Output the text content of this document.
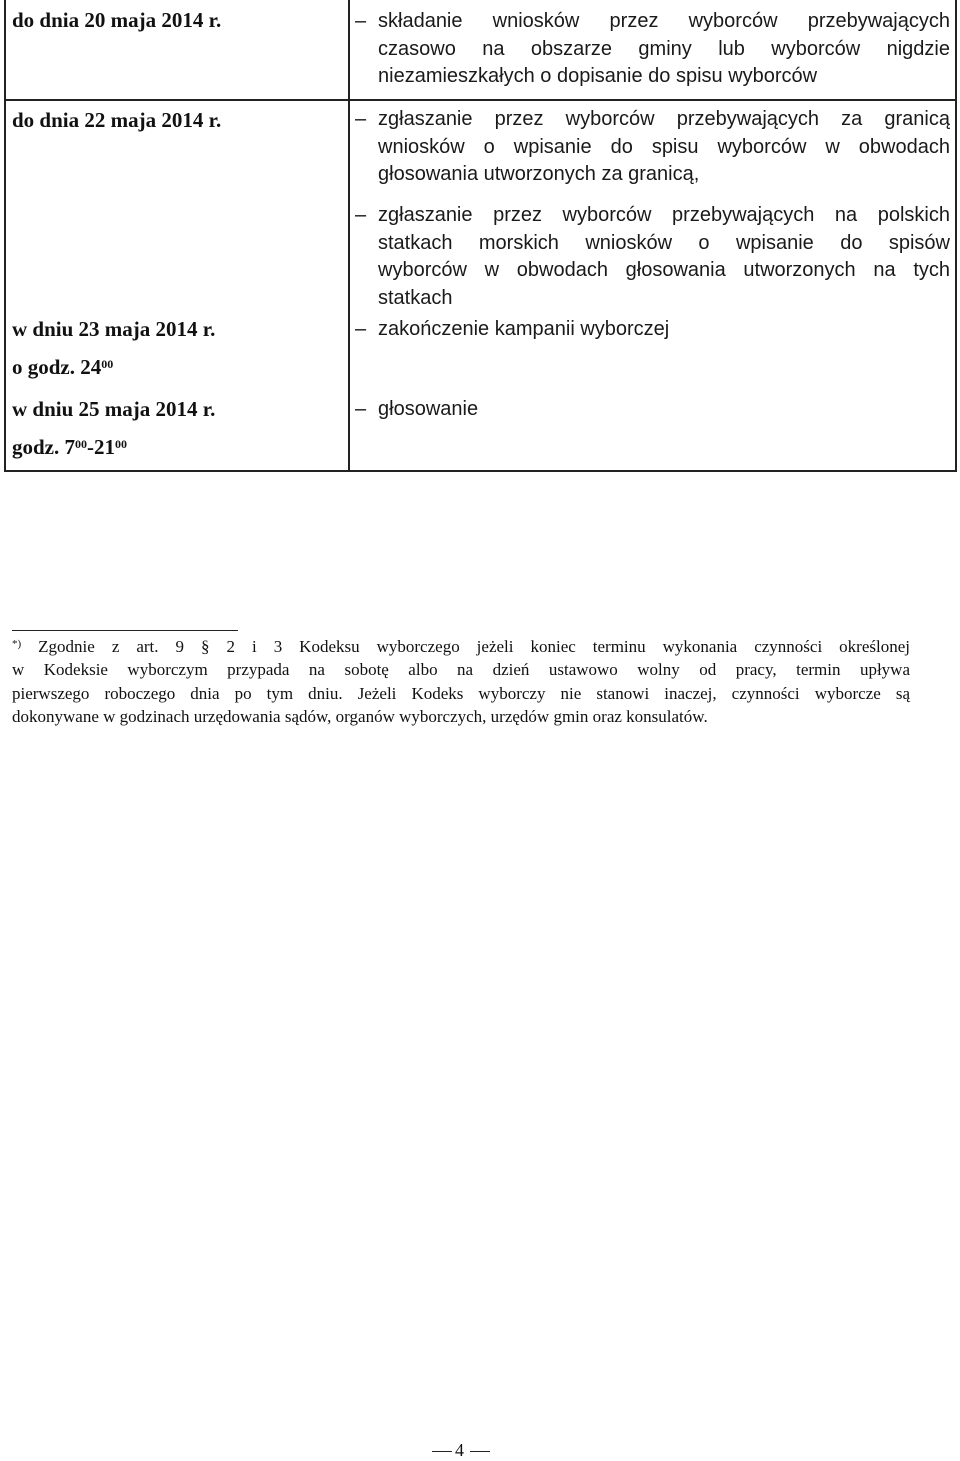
do dnia 20 maja 2014 r.
do dnia 22 maja 2014 r.
w dniu 23 maja 2014 r.
o godz. $24^{00}$
w dniu 25 maja 2014 r.
godz. $7^{00}-21^{00}$
– składanie wniosków przez wyborców przebywających
czasowo na obszarze gminy lub wyborców nigdzie
niezamieszkałych o dopisanie do spisu wyborców
– zgłaszanie przez wyborców przebywających za granicą
wniosków o wpisanie do spisu wyborców w obwodach
głosowania utworzonych za granicą,
– zgłaszanie przez wyborców przebywających na polskich
statkach morskich wniosków o wpisanie do spisów
wyborców w obwodach głosowania utworzonych na tych
statkach
– zakończenie kampanii wyborczej
– głosowanie
*) Zgodnie z art. 9 § 2 i 3 Kodeksu wyborczego jeżeli koniec terminu wykonania czynności określonej
w Kodeksie wyborczym przypada na sobotę albo na dzień ustawowo wolny od pracy, termin upływa
pierwszego roboczego dnia po tym dniu. Jeżeli Kodeks wyborczy nie stanowi inaczej, czynności wyborcze są
dokonywane w godzinach urzędowania sądów, organów wyborczych, urzędów gmin oraz konsulatów.
4
